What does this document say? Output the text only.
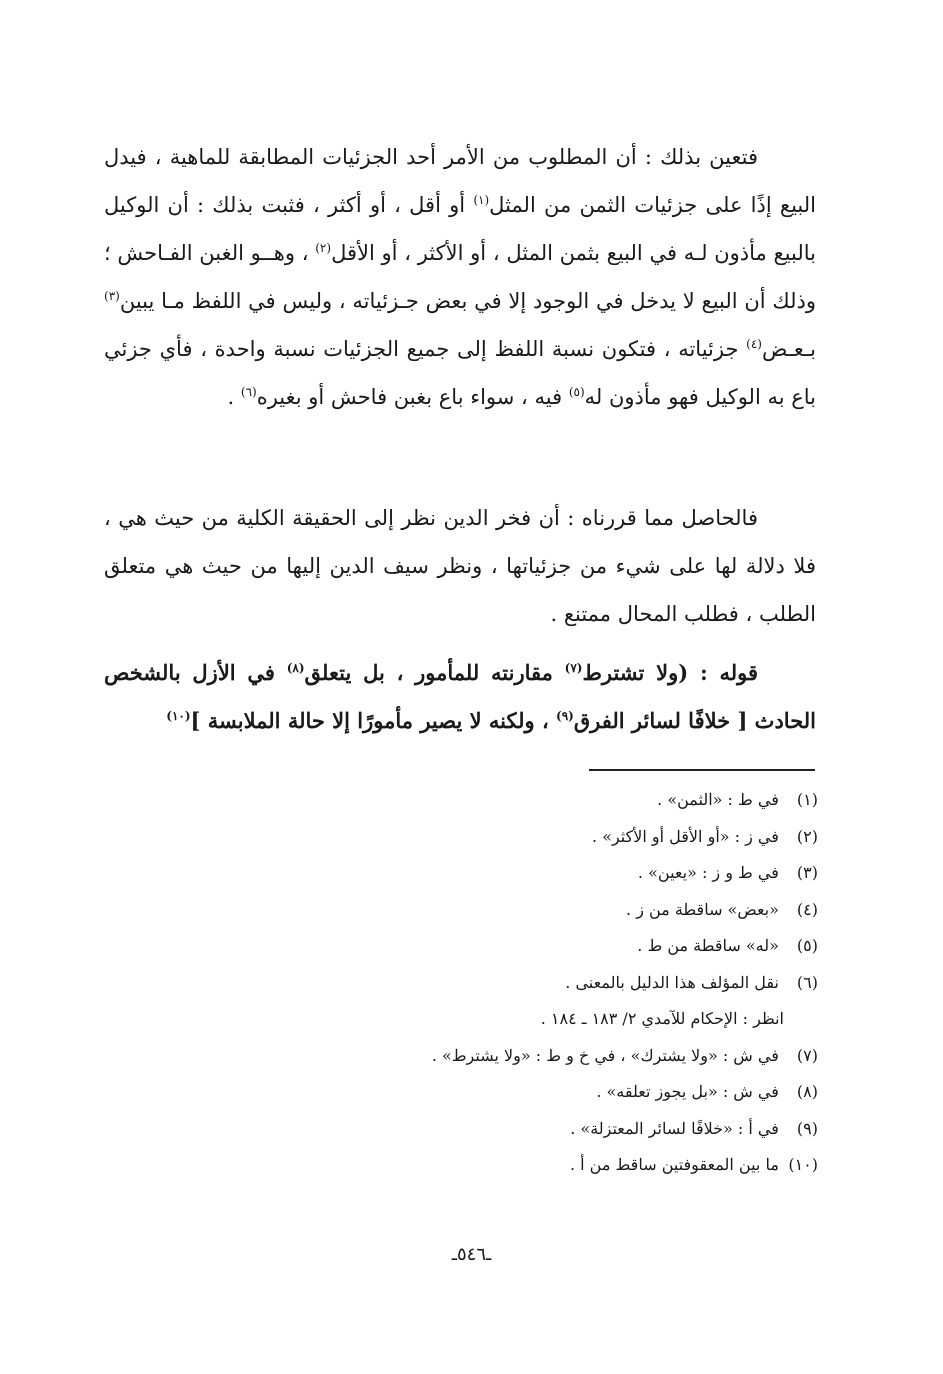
فتعين بذلك : أن المطلوب من الأمر أحد الجزئيات المطابقة للماهية ، فيدل البيع إذًا على جزئيات الثمن من المثل$^{(١)}$ أو أقل ، أو أكثر ، فثبت بذلك : أن الوكيل بالبيع مأذون لـه في البيع بثمن المثل ، أو الأكثر ، أو الأقل$^{(٢)}$ ، وهــو الغبن الفـاحش ؛ وذلك أن البيع لا يدخل في الوجود إلا في بعض جـزئياته ، وليس في اللفظ مـا يبين$^{(٣)}$ بـعـض$^{(٤)}$ جزئياته ، فتكون نسبة اللفظ إلى جميع الجزئيات نسبة واحدة ، فأي جزئي باع به الوكيل فهو مأذون له$^{(٥)}$ فيه ، سواء باع بغبن فاحش أو بغيره$^{(٦)}$ .

فالحاصل مما قررناه : أن فخر الدين نظر إلى الحقيقة الكلية من حيث هي ، فلا دلالة لها على شيء من جزئياتها ، ونظر سيف الدين إليها من حيث هي متعلق الطلب ، فطلب المحال ممتنع .

قوله : (ولا تشترط$^{(٧)}$ مقارنته للمأمور ، بل يتعلق$^{(٨)}$ في الأزل بالشخص الحادث [ خلافًا لسائر الفرق$^{(٩)}$ ، ولكنه لا يصير مأمورًا إلا حالة الملابسة ]$^{(١٠)}$

(١) في ط : «الثمن» .
(٢) في ز : «أو الأقل أو الأكثر» .
(٣) في ط و ز : «يعين» .
(٤) «بعض» ساقطة من ز .
(٥) «له» ساقطة من ط .
(٦) نقل المؤلف هذا الدليل بالمعنى .
انظر : الإحكام للآمدي ٢/ ١٨٣ ـ ١٨٤ .
(٧) في ش : «ولا يشترك» ، في خ و ط : «ولا يشترط» .
(٨) في ش : «بل يجوز تعلقه» .
(٩) في أ : «خلافًا لسائر المعتزلة» .
(١٠) ما بين المعقوفتين ساقط من أ .
ـ٥٤٦ـ
